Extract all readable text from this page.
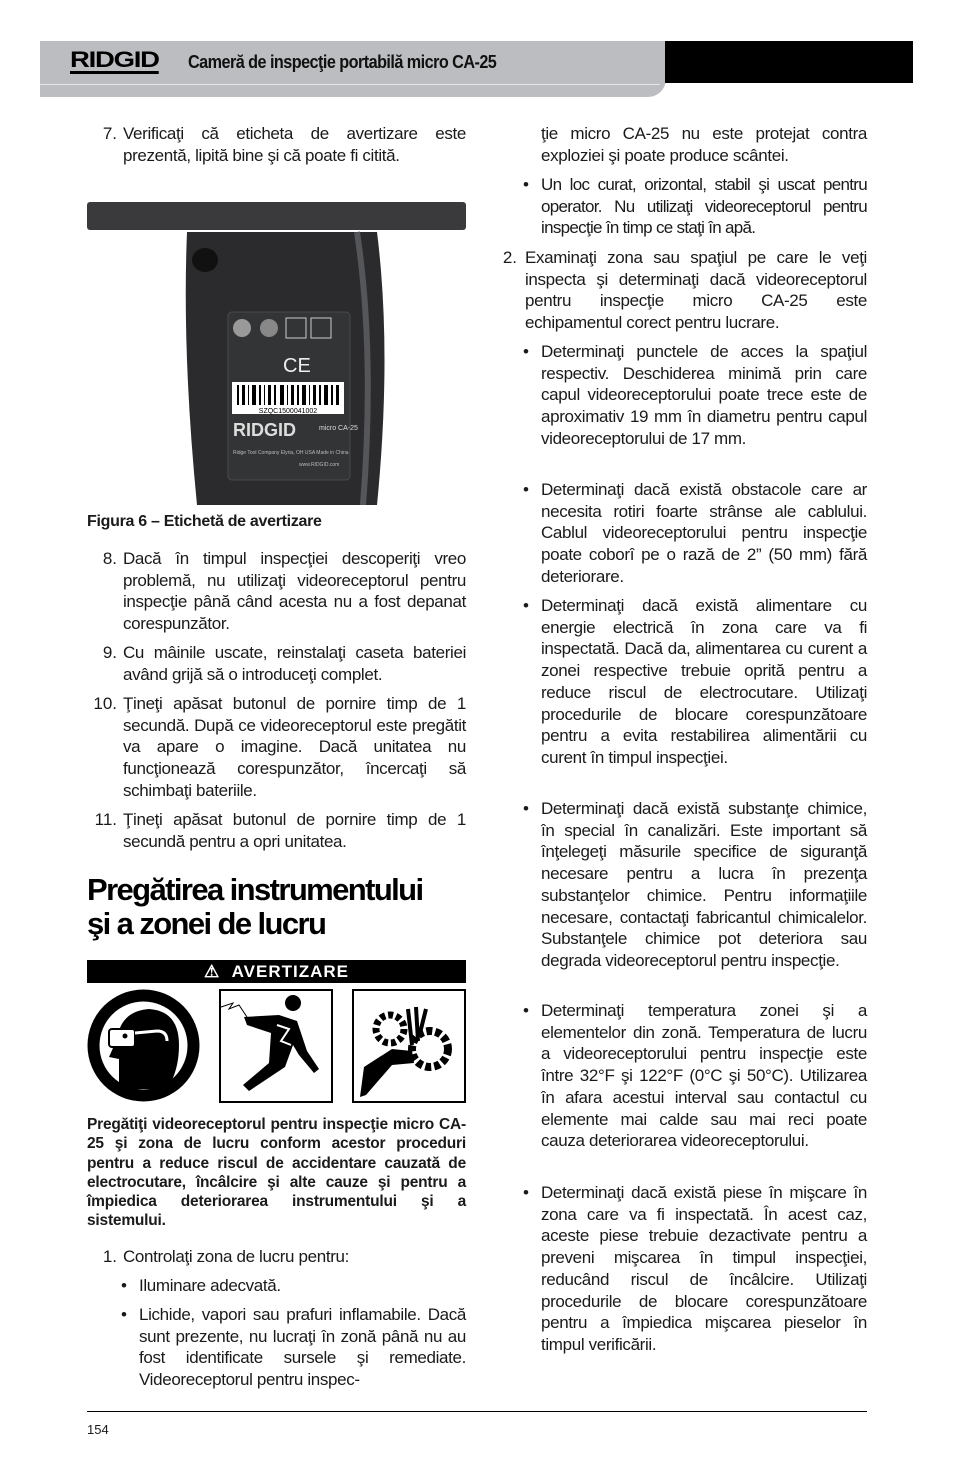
RIDGID Cameră de inspecţie portabilă micro CA-25
7. Verificaţi că eticheta de avertizare este prezentă, lipită bine şi că poate fi citită.
CE
SZQC1500041002
RIDGID	micro CA-25
Ridge Tool Company Elyria, OH USA Made in China
www.RIDGID.com
Figura 6 – Etichetă de avertizare
8. Dacă în timpul inspecţiei descoperiţi vreo problemă, nu utilizaţi videoreceptorul pentru inspecţie până când acesta nu a fost depanat corespunzător.
9. Cu mâinile uscate, reinstalaţi caseta bateriei având grijă să o introduceţi complet.
10. Ţineţi apăsat butonul de pornire timp de 1 secundă. După ce videoreceptorul este pregătit va apare o imagine. Dacă unitatea nu funcţionează corespunzător, încercaţi să schimbaţi bateriile.
11. Ţineţi apăsat butonul de pornire timp de 1 secundă pentru a opri unitatea.
Pregătirea instrumentului
şi a zonei de lucru
⚠ AVERTIZARE
Pregătiţi videoreceptorul pentru inspecţie micro CA-25 şi zona de lucru conform acestor proceduri pentru a reduce riscul de accidentare cauzată de electrocutare, încâlcire şi alte cauze şi pentru a împiedica deteriorarea instrumentului şi a sistemului.
1. Controlaţi zona de lucru pentru:
• Iluminare adecvată.
• Lichide, vapori sau prafuri inflamabile. Dacă sunt prezente, nu lucraţi în zonă până nu au fost identificate sursele şi remediate. Videoreceptorul pentru inspec-
ţie micro CA-25 nu este protejat contra exploziei şi poate produce scântei.
• Un loc curat, orizontal, stabil şi uscat pentru operator. Nu utilizaţi videoreceptorul pentru inspecţie în timp ce staţi în apă.
2. Examinaţi zona sau spaţiul pe care le veţi inspecta şi determinaţi dacă videoreceptorul pentru inspecţie micro CA-25 este echipamentul corect pentru lucrare.
• Determinaţi punctele de acces la spaţiul respectiv. Deschiderea minimă prin care capul videoreceptorului poate trece este de aproximativ 19 mm în diametru pentru capul videoreceptorului de 17 mm.
• Determinaţi dacă există obstacole care ar necesita rotiri foarte strânse ale cablului. Cablul videoreceptorului pentru inspecţie poate coborî pe o rază de 2” (50 mm) fără deteriorare.
• Determinaţi dacă există alimentare cu energie electrică în zona care va fi inspectată. Dacă da, alimentarea cu curent a zonei respective trebuie oprită pentru a reduce riscul de electrocutare. Utilizaţi procedurile de blocare corespunzătoare pentru a evita restabilirea alimentării cu curent în timpul inspecţiei.
• Determinaţi dacă există substanţe chimice, în special în canalizări. Este important să înţelegeţi măsurile specifice de siguranţă necesare pentru a lucra în prezenţa substanţelor chimice. Pentru informaţiile necesare, contactaţi fabricantul chimicalelor. Substanţele chimice pot deteriora sau degrada videoreceptorul pentru inspecţie.
• Determinaţi temperatura zonei şi a elementelor din zonă. Temperatura de lucru a videoreceptorului pentru inspecţie este între 32°F şi 122°F (0°C şi 50°C). Utilizarea în afara acestui interval sau contactul cu elemente mai calde sau mai reci poate cauza deteriorarea videoreceptorului.
• Determinaţi dacă există piese în mişcare în zona care va fi inspectată. În acest caz, aceste piese trebuie dezactivate pentru a preveni mişcarea în timpul inspecţiei, reducând riscul de încâlcire. Utilizaţi procedurile de blocare corespunzătoare pentru a împiedica mişcarea pieselor în timpul verificării.
154
